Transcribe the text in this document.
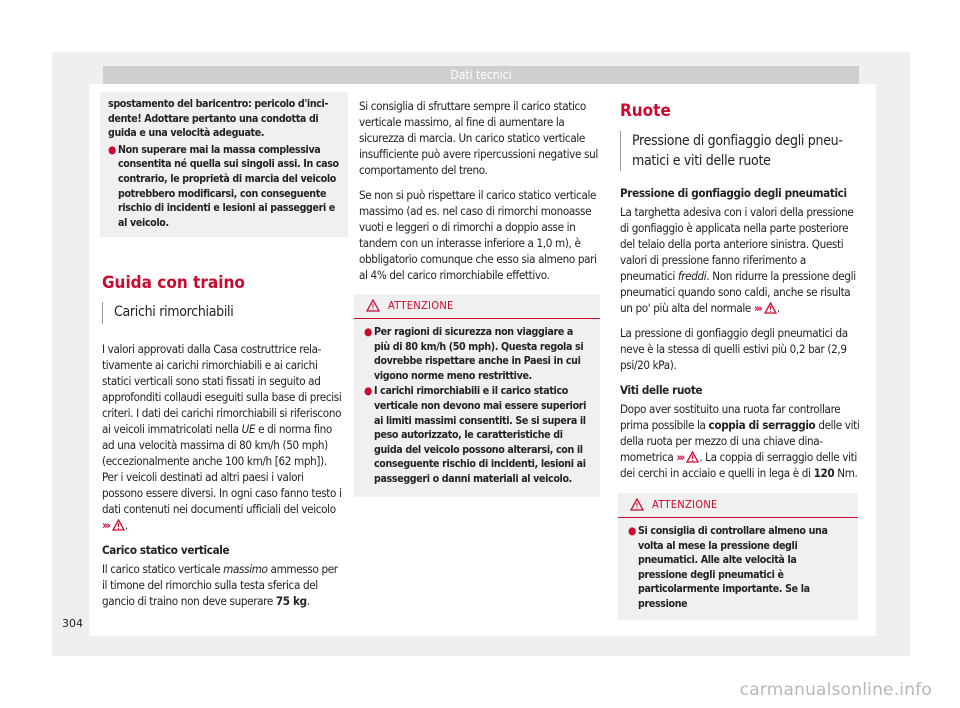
Dati tecnici
spostamento del baricentro: pericolo d'incidente! Adottare pertanto una condotta di guida e una velocità adeguate.
● Non superare mai la massa complessiva consentita né quella sui singoli assi. In caso contrario, le proprietà di marcia del veicolo potrebbero modificarsi, con conseguente rischio di incidenti e lesioni ai passeggeri e al veicolo.
Guida con traino
Carichi rimorchiabili

I valori approvati dalla Casa costruttrice relativamente ai carichi rimorchiabili e ai carichi statici verticali sono stati fissati in seguito ad approfonditi collaudi eseguiti sulla base di precisi criteri. I dati dei carichi rimorchiabili si riferiscono ai veicoli immatricolati nella UE e di norma fino ad una velocità massima di 80 km/h (50 mph) (eccezionalmente anche 100 km/h [62 mph]). Per i veicoli destinati ad altri paesi i valori possono essere diversi. In ogni caso fanno testo i dati contenuti nei documenti ufficiali del veicolo ››› .

Carico statico verticale

Il carico statico verticale massimo ammesso per il timone del rimorchio sulla testa sferica del gancio di traino non deve superare 75 kg.

Si consiglia di sfruttare sempre il carico statico verticale massimo, al fine di aumentare la sicurezza di marcia. Un carico statico verticale insufficiente può avere ripercussioni negative sul comportamento del treno.

Se non si può rispettare il carico statico verticale massimo (ad es. nel caso di rimorchi monoasse vuoti e leggeri o di rimorchi a doppio asse in tandem con un interasse inferiore a 1,0 m), è obbligatorio comunque che esso sia almeno pari al 4% del carico rimorchiabile effettivo.

ATTENZIONE
● Per ragioni di sicurezza non viaggiare a più di 80 km/h (50 mph). Questa regola si dovrebbe rispettare anche in Paesi in cui vigono norme meno restrittive.
● I carichi rimorchiabili e il carico statico verticale non devono mai essere superiori ai limiti massimi consentiti. Se si supera il peso autorizzato, le caratteristiche di guida del veicolo possono alterarsi, con il conseguente rischio di incidenti, lesioni ai passeggeri o danni materiali al veicolo.
Ruote
Pressione di gonfiaggio degli pneumatici e viti delle ruote
Pressione di gonfiaggio degli pneumatici

La targhetta adesiva con i valori della pressione di gonfiaggio è applicata nella parte posteriore del telaio della porta anteriore sinistra. Questi valori di pressione fanno riferimento a pneumatici freddi. Non ridurre la pressione degli pneumatici quando sono caldi, anche se risulta un po' più alta del normale ››› .

La pressione di gonfiaggio degli pneumatici da neve è la stessa di quelli estivi più 0,2 bar (2,9 psi/20 kPa).

Viti delle ruote

Dopo aver sostituito una ruota far controllare prima possibile la coppia di serraggio delle viti della ruota per mezzo di una chiave dinamometrica ››› . La coppia di serraggio delle viti dei cerchi in acciaio e quelli in lega è di 120 Nm.

ATTENZIONE
● Si consiglia di controllare almeno una volta al mese la pressione degli pneumatici. Alle alte velocità la pressione degli pneumatici è particolarmente importante. Se la pressione
304
carmanualsonline.info
